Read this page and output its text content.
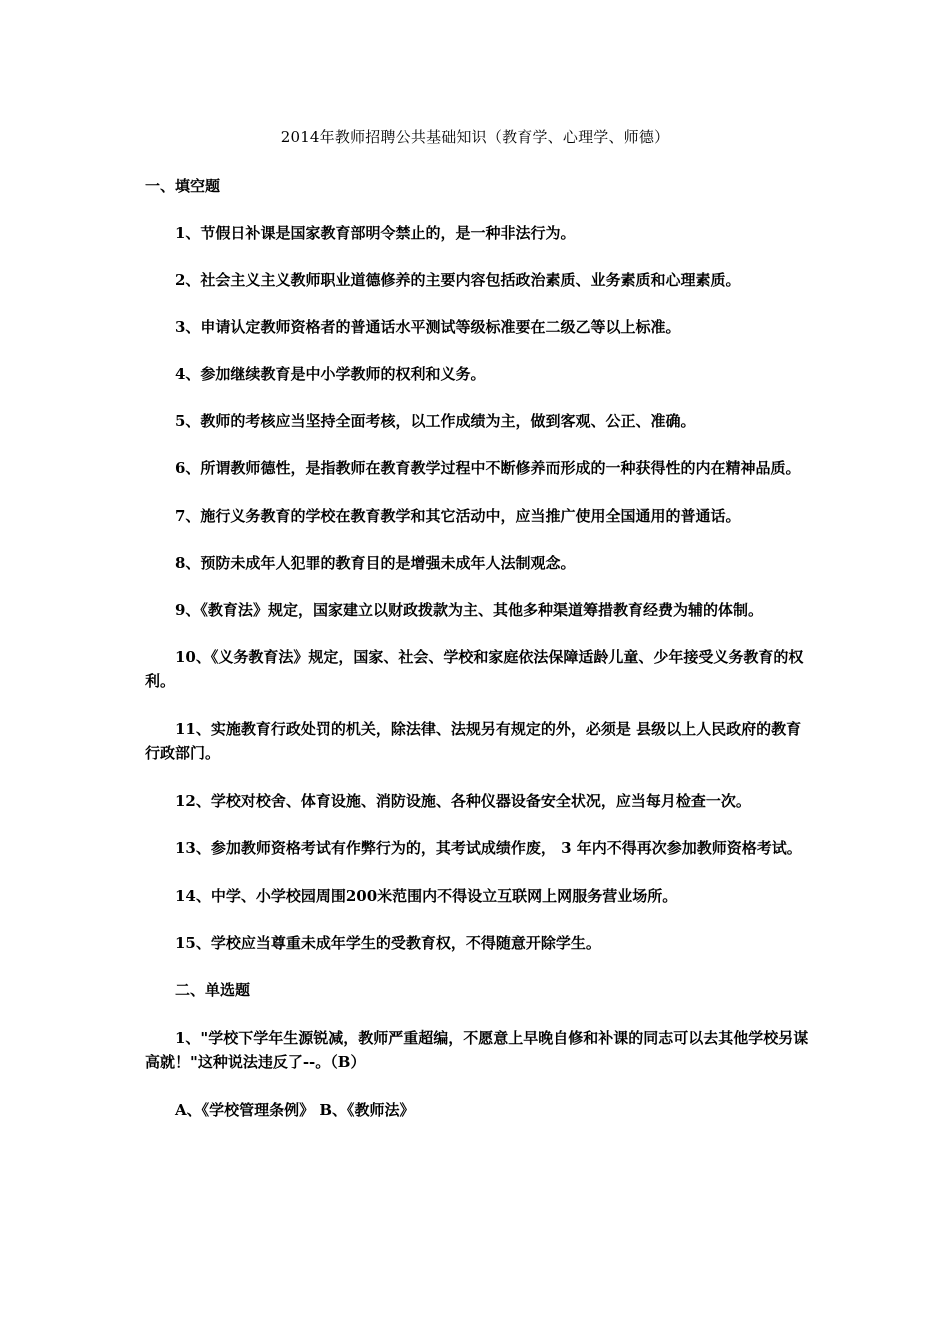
2014年教师招聘公共基础知识（教育学、心理学、师德）
一、填空题
1、节假日补课是国家教育部明令禁止的，是一种非法行为。
2、社会主义主义教师职业道德修养的主要内容包括政治素质、业务素质和心理素质。
3、申请认定教师资格者的普通话水平测试等级标准要在二级乙等以上标准。
4、参加继续教育是中小学教师的权利和义务。
5、教师的考核应当坚持全面考核，以工作成绩为主，做到客观、公正、准确。
6、所谓教师德性，是指教师在教育教学过程中不断修养而形成的一种获得性的内在精神品质。
7、施行义务教育的学校在教育教学和其它活动中，应当推广使用全国通用的普通话。
8、预防未成年人犯罪的教育目的是增强未成年人法制观念。
9、《教育法》规定，国家建立以财政拨款为主、其他多种渠道筹措教育经费为辅的体制。
10、《义务教育法》规定，国家、社会、学校和家庭依法保障适龄儿童、少年接受义务教育的权利。
11、实施教育行政处罚的机关，除法律、法规另有规定的外，必须是 县级以上人民政府的教育行政部门。
12、学校对校舍、体育设施、消防设施、各种仪器设备安全状况，应当每月检查一次。
13、参加教师资格考试有作弊行为的，其考试成绩作废， 3 年内不得再次参加教师资格考试。
14、中学、小学校园周围200米范围内不得设立互联网上网服务营业场所。
15、学校应当尊重未成年学生的受教育权，不得随意开除学生。
二、单选题
1、"学校下学年生源锐减，教师严重超编，不愿意上早晚自修和补课的同志可以去其他学校另谋高就！"这种说法违反了--。（B）
A、《学校管理条例》 B、《教师法》
